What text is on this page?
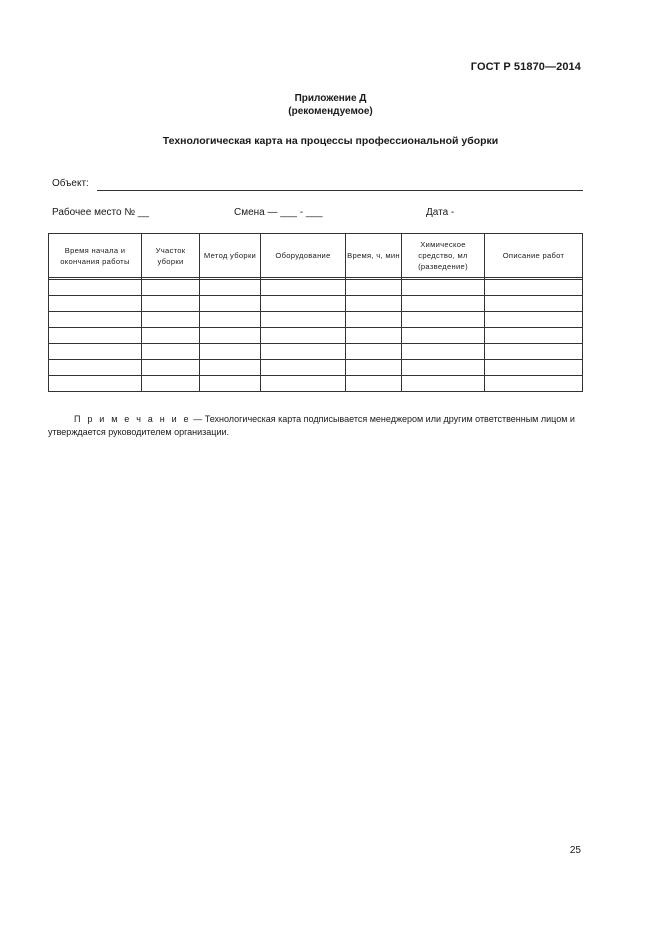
ГОСТ Р 51870—2014
Приложение Д
(рекомендуемое)
Технологическая карта на процессы профессиональной уборки
Объект:
Рабочее место № __	Смена — ___ - ___	Дата -
Время начала и окончания работы	Участок уборки	Метод уборки	Оборудование	Время, ч, мин	Химическое средство, мл (разведение)	Описание работ

П р и м е ч а н и е — Технологическая карта подписывается менеджером или другим ответственным лицом и утверждается руководителем организации.
25
